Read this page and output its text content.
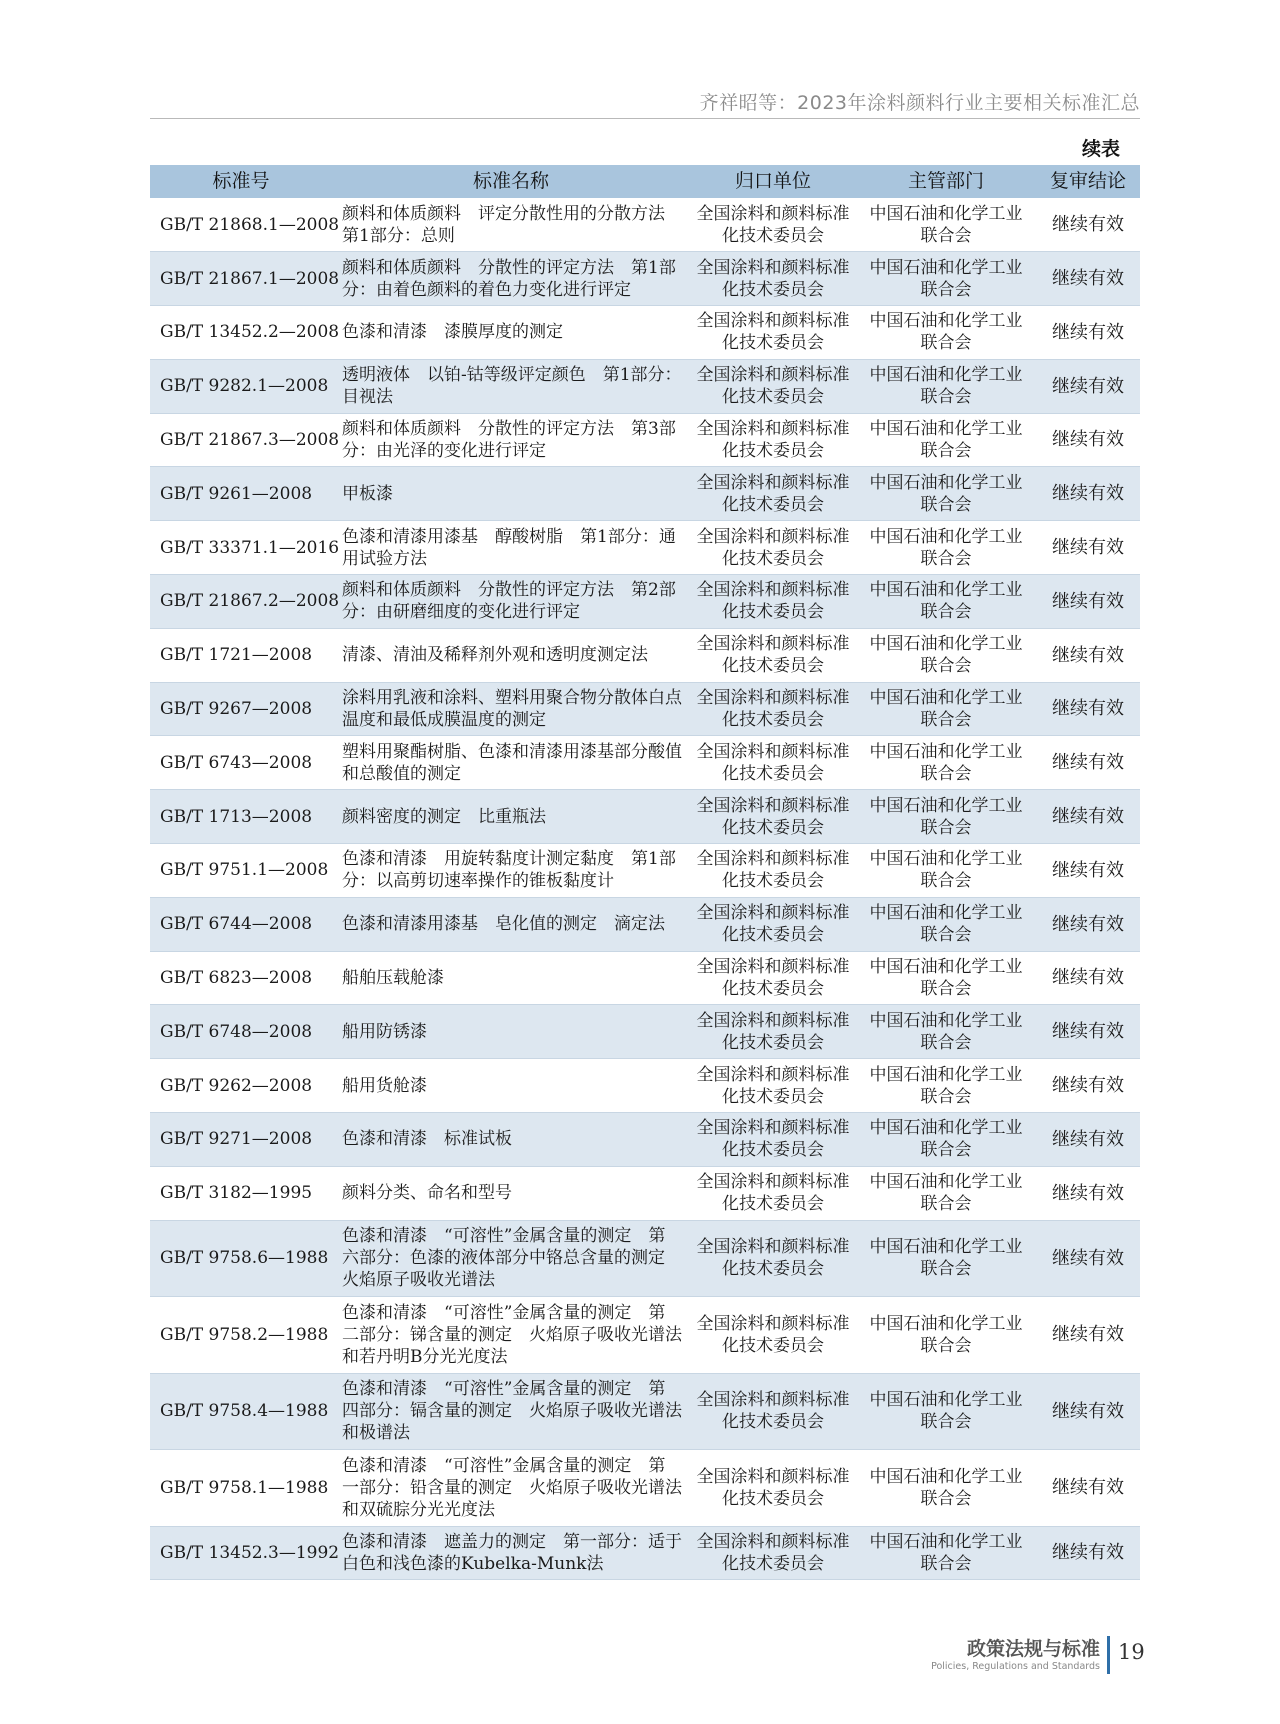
齐祥昭等：2023年涂料颜料行业主要相关标准汇总
续表
标准号	标准名称	归口单位	主管部门	复审结论
GB/T 21868.1—2008	颜料和体质颜料　评定分散性用的分散方法　第1部分：总则	全国涂料和颜料标准化技术委员会	中国石油和化学工业联合会	继续有效
GB/T 21867.1—2008	颜料和体质颜料　分散性的评定方法　第1部分：由着色颜料的着色力变化进行评定	全国涂料和颜料标准化技术委员会	中国石油和化学工业联合会	继续有效
GB/T 13452.2—2008	色漆和清漆　漆膜厚度的测定	全国涂料和颜料标准化技术委员会	中国石油和化学工业联合会	继续有效
GB/T 9282.1—2008	透明液体　以铂-钴等级评定颜色　第1部分：目视法	全国涂料和颜料标准化技术委员会	中国石油和化学工业联合会	继续有效
GB/T 21867.3—2008	颜料和体质颜料　分散性的评定方法　第3部分：由光泽的变化进行评定	全国涂料和颜料标准化技术委员会	中国石油和化学工业联合会	继续有效
GB/T 9261—2008	甲板漆	全国涂料和颜料标准化技术委员会	中国石油和化学工业联合会	继续有效
GB/T 33371.1—2016	色漆和清漆用漆基　醇酸树脂　第1部分：通用试验方法	全国涂料和颜料标准化技术委员会	中国石油和化学工业联合会	继续有效
GB/T 21867.2—2008	颜料和体质颜料　分散性的评定方法　第2部分：由研磨细度的变化进行评定	全国涂料和颜料标准化技术委员会	中国石油和化学工业联合会	继续有效
GB/T 1721—2008	清漆、清油及稀释剂外观和透明度测定法	全国涂料和颜料标准化技术委员会	中国石油和化学工业联合会	继续有效
GB/T 9267—2008	涂料用乳液和涂料、塑料用聚合物分散体白点温度和最低成膜温度的测定	全国涂料和颜料标准化技术委员会	中国石油和化学工业联合会	继续有效
GB/T 6743—2008	塑料用聚酯树脂、色漆和清漆用漆基部分酸值和总酸值的测定	全国涂料和颜料标准化技术委员会	中国石油和化学工业联合会	继续有效
GB/T 1713—2008	颜料密度的测定　比重瓶法	全国涂料和颜料标准化技术委员会	中国石油和化学工业联合会	继续有效
GB/T 9751.1—2008	色漆和清漆　用旋转黏度计测定黏度　第1部分：以高剪切速率操作的锥板黏度计	全国涂料和颜料标准化技术委员会	中国石油和化学工业联合会	继续有效
GB/T 6744—2008	色漆和清漆用漆基　皂化值的测定　滴定法	全国涂料和颜料标准化技术委员会	中国石油和化学工业联合会	继续有效
GB/T 6823—2008	船舶压载舱漆	全国涂料和颜料标准化技术委员会	中国石油和化学工业联合会	继续有效
GB/T 6748—2008	船用防锈漆	全国涂料和颜料标准化技术委员会	中国石油和化学工业联合会	继续有效
GB/T 9262—2008	船用货舱漆	全国涂料和颜料标准化技术委员会	中国石油和化学工业联合会	继续有效
GB/T 9271—2008	色漆和清漆　标准试板	全国涂料和颜料标准化技术委员会	中国石油和化学工业联合会	继续有效
GB/T 3182—1995	颜料分类、命名和型号	全国涂料和颜料标准化技术委员会	中国石油和化学工业联合会	继续有效
GB/T 9758.6—1988	色漆和清漆　“可溶性”金属含量的测定　第六部分：色漆的液体部分中铬总含量的测定　火焰原子吸收光谱法	全国涂料和颜料标准化技术委员会	中国石油和化学工业联合会	继续有效
GB/T 9758.2—1988	色漆和清漆　“可溶性”金属含量的测定　第二部分：锑含量的测定　火焰原子吸收光谱法和若丹明B分光光度法	全国涂料和颜料标准化技术委员会	中国石油和化学工业联合会	继续有效
GB/T 9758.4—1988	色漆和清漆　“可溶性”金属含量的测定　第四部分：镉含量的测定　火焰原子吸收光谱法和极谱法	全国涂料和颜料标准化技术委员会	中国石油和化学工业联合会	继续有效
GB/T 9758.1—1988	色漆和清漆　“可溶性”金属含量的测定　第一部分：铅含量的测定　火焰原子吸收光谱法和双硫腙分光光度法	全国涂料和颜料标准化技术委员会	中国石油和化学工业联合会	继续有效
GB/T 13452.3—1992	色漆和清漆　遮盖力的测定　第一部分：适于白色和浅色漆的Kubelka-Munk法	全国涂料和颜料标准化技术委员会	中国石油和化学工业联合会	继续有效
政策法规与标准
Policies, Regulations and Standards
19
